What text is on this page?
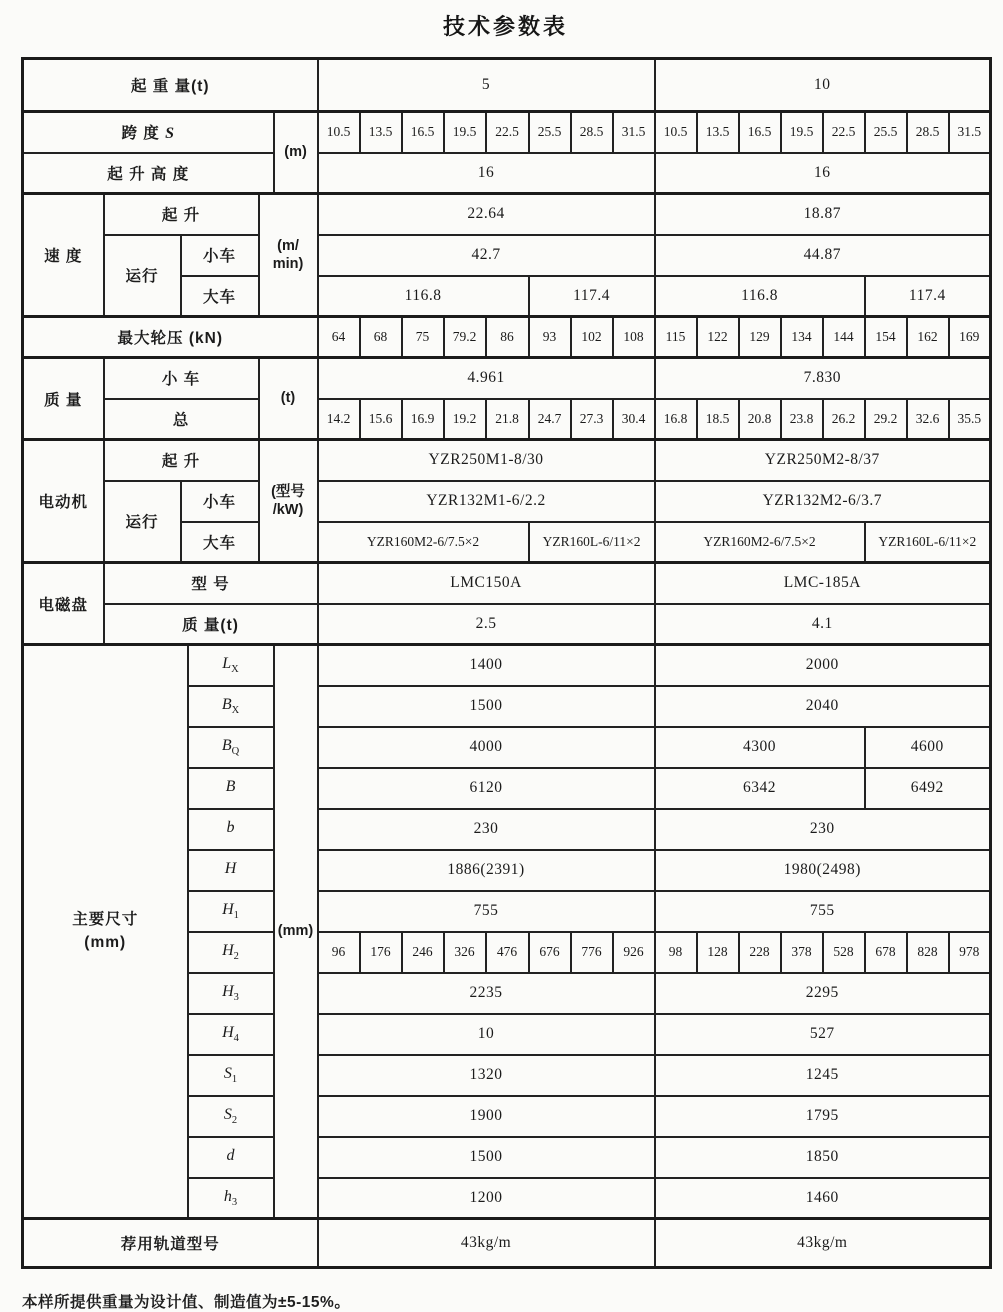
技术参数表
起 重 量(t)						5								10							
跨 度 S					(m)	10.5	13.5	16.5	19.5	22.5	25.5	28.5	31.5	10.5	13.5	16.5	19.5	22.5	25.5	28.5	31.5
起 升 高 度						16								16							
速 度	起 升			(m/
min)		22.64								18.87							
	运行	小车				42.7								44.87							
		大车				116.8					117.4			116.8					117.4		
最大轮压 (kN)						64	68	75	79.2	86	93	102	108	115	122	129	134	144	154	162	169
质 量	小 车			(t)		4.961								7.830							
	总					14.2	15.6	16.9	19.2	21.8	24.7	27.3	30.4	16.8	18.5	20.8	23.8	26.2	29.2	32.6	35.5
电动机	起 升			(型号
/kW)		YZR250M1-8/30								YZR250M2-8/37							
	运行	小车				YZR132M1-6/2.2								YZR132M2-6/3.7							
		大车				YZR160M2-6/7.5×2					YZR160L-6/11×2			YZR160M2-6/7.5×2					YZR160L-6/11×2		
电磁盘	型 号					LMC150A								LMC-185A							
	质 量(t)					2.5								4.1							

主要尺寸
(mm)			$L_X$		(mm)	1400								2000							
			$B_X$			1500								2040							
			$B_Q$			4000								4300					4600		
			B			6120								6342					6492		
			b			230								230							
			H			1886(2391)								1980(2498)							
			$H_1$			755								755							
			$H_2$			96	176	246	326	476	676	776	926	98	128	228	378	528	678	828	978
			$H_3$			2235								2295							
			$H_4$			10								527							
			$S_1$			1320								1245							
			$S_2$			1900								1795							
			d			1500								1850							
			$h_3$			1200								1460							
荐用轨道型号						43kg/m								43kg/m							
本样所提供重量为设计值、制造值为±5-15%。
